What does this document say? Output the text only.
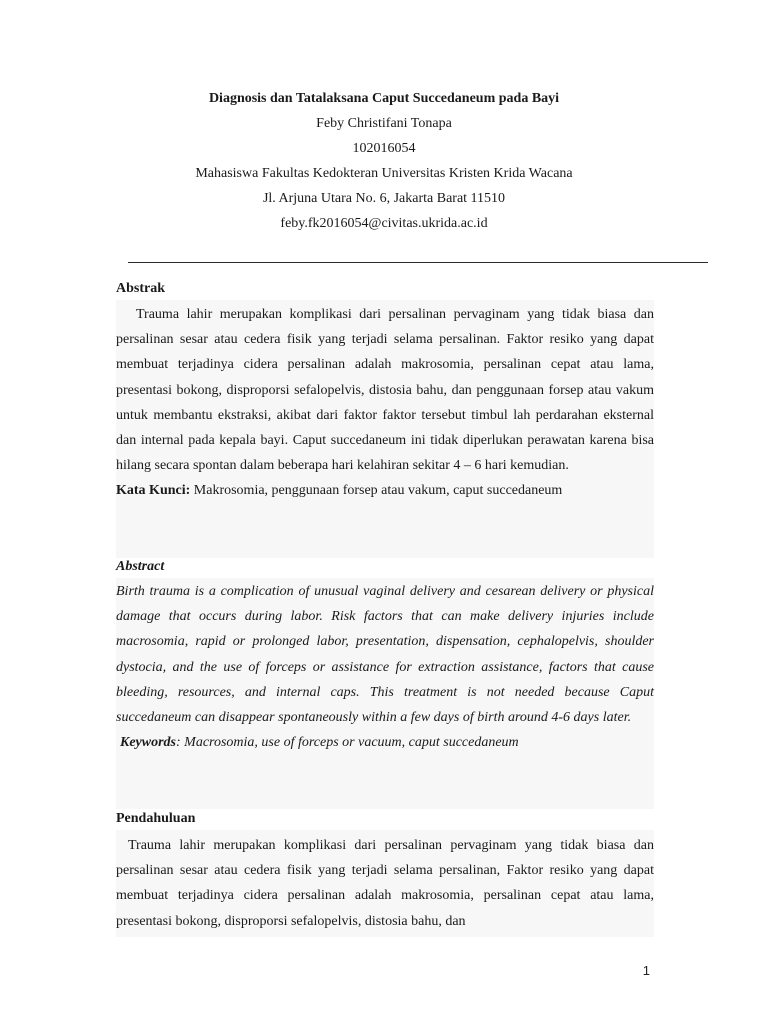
Diagnosis dan Tatalaksana Caput Succedaneum pada Bayi
Feby Christifani Tonapa
102016054
Mahasiswa Fakultas Kedokteran Universitas Kristen Krida Wacana
Jl. Arjuna Utara No. 6, Jakarta Barat 11510
feby.fk2016054@civitas.ukrida.ac.id
Abstrak

Trauma lahir merupakan komplikasi dari persalinan pervaginam yang tidak biasa dan persalinan sesar atau cedera fisik yang terjadi selama persalinan. Faktor resiko yang dapat membuat terjadinya cidera persalinan adalah makrosomia, persalinan cepat atau lama, presentasi bokong, disproporsi sefalopelvis, distosia bahu, dan penggunaan forsep atau vakum untuk membantu ekstraksi, akibat dari faktor faktor tersebut timbul lah perdarahan eksternal dan internal pada kepala bayi. Caput succedaneum ini tidak diperlukan perawatan karena bisa hilang secara spontan dalam beberapa hari kelahiran sekitar 4 – 6 hari kemudian.

Kata Kunci: Makrosomia, penggunaan forsep atau vakum, caput succedaneum
Abstract

Birth trauma is a complication of unusual vaginal delivery and cesarean delivery or physical damage that occurs during labor. Risk factors that can make delivery injuries include macrosomia, rapid or prolonged labor, presentation, dispensation, cephalopelvis, shoulder dystocia, and the use of forceps or assistance for extraction assistance, factors that cause bleeding, resources, and internal caps. This treatment is not needed because Caput succedaneum can disappear spontaneously within a few days of birth around 4-6 days later.

Keywords: Macrosomia, use of forceps or vacuum, caput succedaneum
Pendahuluan

Trauma lahir merupakan komplikasi dari persalinan pervaginam yang tidak biasa dan persalinan sesar atau cedera fisik yang terjadi selama persalinan, Faktor resiko yang dapat membuat terjadinya cidera persalinan adalah makrosomia, persalinan cepat atau lama, presentasi bokong, disproporsi sefalopelvis, distosia bahu, dan

1
